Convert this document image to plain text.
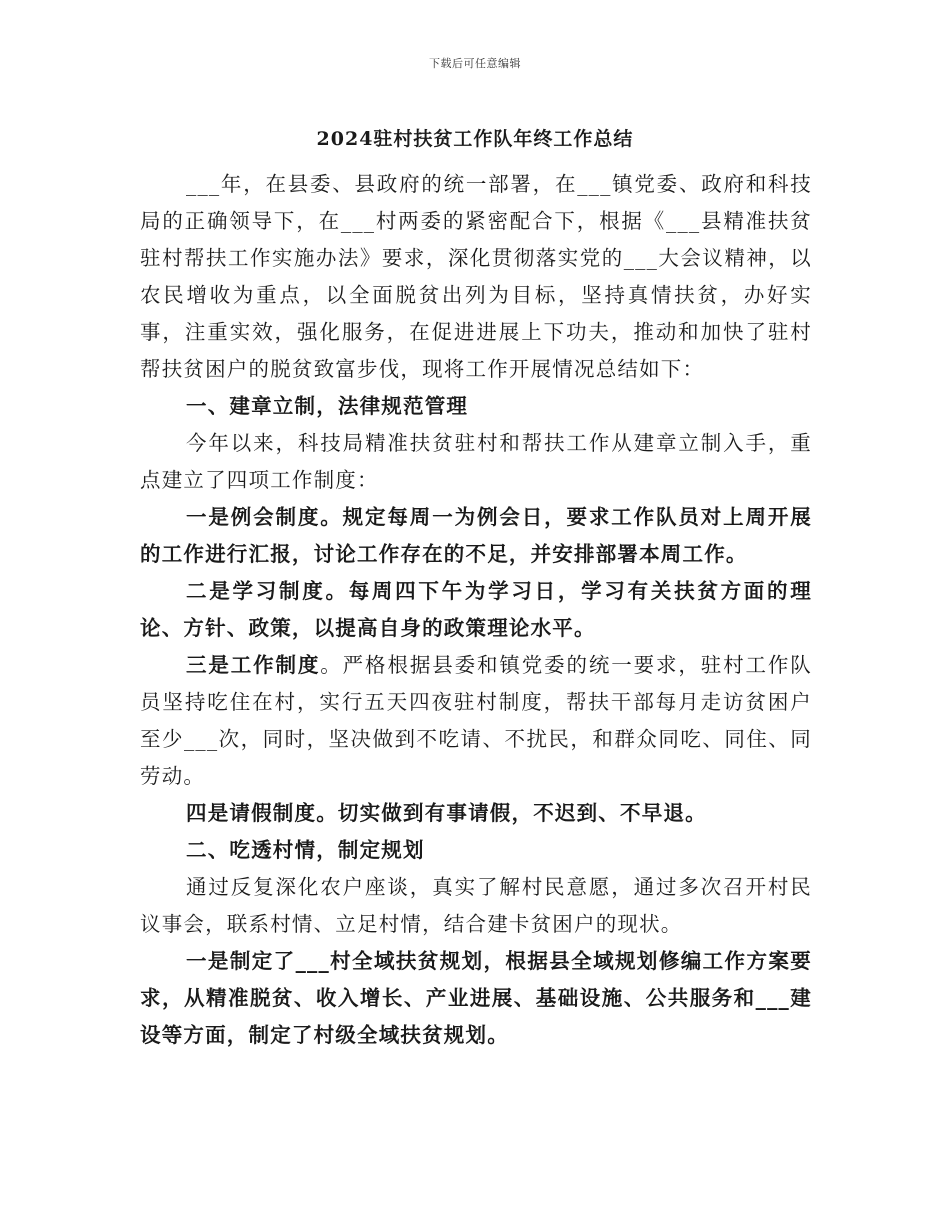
下载后可任意编辑
2024驻村扶贫工作队年终工作总结

___年，在县委、县政府的统一部署，在___镇党委、政府和科技局的正确领导下，在___村两委的紧密配合下，根据《___县精准扶贫驻村帮扶工作实施办法》要求，深化贯彻落实党的___大会议精神，以农民增收为重点，以全面脱贫出列为目标，坚持真情扶贫，办好实事，注重实效，强化服务，在促进进展上下功夫，推动和加快了驻村帮扶贫困户的脱贫致富步伐，现将工作开展情况总结如下：

一、建章立制，法律规范管理

今年以来，科技局精准扶贫驻村和帮扶工作从建章立制入手，重点建立了四项工作制度：

一是例会制度。规定每周一为例会日，要求工作队员对上周开展的工作进行汇报，讨论工作存在的不足，并安排部署本周工作。

二是学习制度。每周四下午为学习日，学习有关扶贫方面的理论、方针、政策，以提高自身的政策理论水平。

三是工作制度。严格根据县委和镇党委的统一要求，驻村工作队员坚持吃住在村，实行五天四夜驻村制度，帮扶干部每月走访贫困户至少___次，同时，坚决做到不吃请、不扰民，和群众同吃、同住、同劳动。

四是请假制度。切实做到有事请假，不迟到、不早退。

二、吃透村情，制定规划

通过反复深化农户座谈，真实了解村民意愿，通过多次召开村民议事会，联系村情、立足村情，结合建卡贫困户的现状。

一是制定了___村全域扶贫规划，根据县全域规划修编工作方案要求，从精准脱贫、收入增长、产业进展、基础设施、公共服务和___建设等方面，制定了村级全域扶贫规划。
